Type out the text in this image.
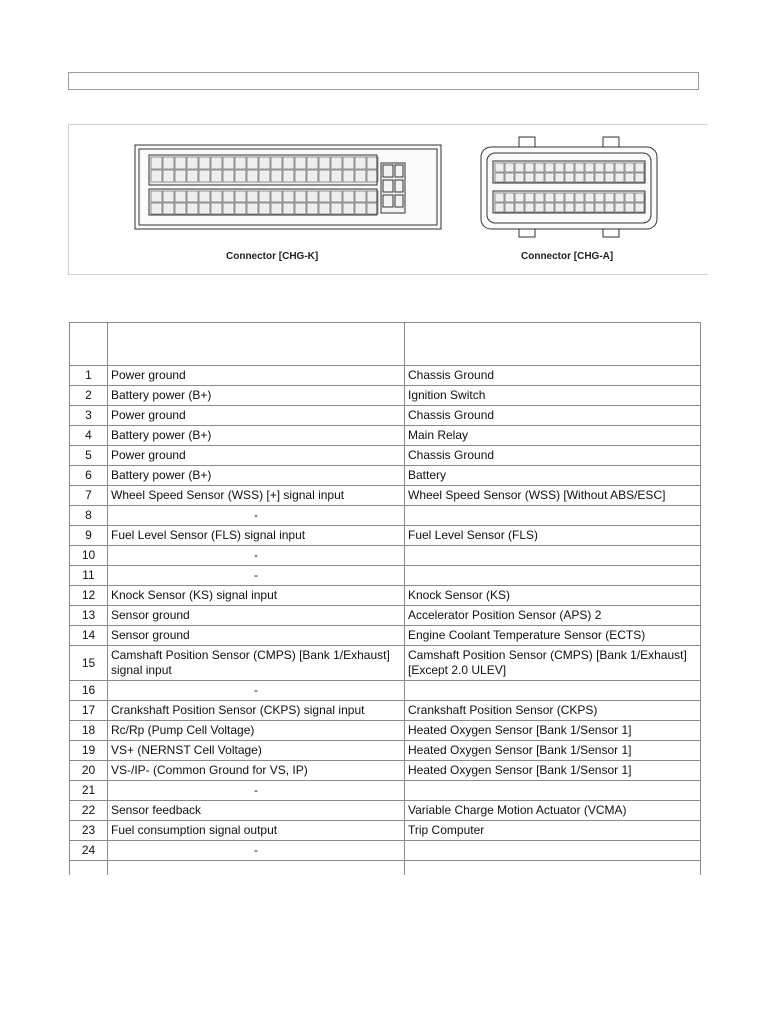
Connector [CHG-K]	Connector [CHG-A]

1	Power ground	Chassis Ground
2	Battery power (B+)	Ignition Switch
3	Power ground	Chassis Ground
4	Battery power (B+)	Main Relay
5	Power ground	Chassis Ground
6	Battery power (B+)	Battery
7	Wheel Speed Sensor (WSS) [+] signal input	Wheel Speed Sensor (WSS) [Without ABS/ESC]
8	-	
9	Fuel Level Sensor (FLS) signal input	Fuel Level Sensor (FLS)
10	-	
11	-	
12	Knock Sensor (KS) signal input	Knock Sensor (KS)
13	Sensor ground	Accelerator Position Sensor (APS) 2
14	Sensor ground	Engine Coolant Temperature Sensor (ECTS)
15	Camshaft Position Sensor (CMPS) [Bank 1/Exhaust] signal input	Camshaft Position Sensor (CMPS) [Bank 1/Exhaust] [Except 2.0 ULEV]
16	-	
17	Crankshaft Position Sensor (CKPS) signal input	Crankshaft Position Sensor (CKPS)
18	Rc/Rp (Pump Cell Voltage)	Heated Oxygen Sensor [Bank 1/Sensor 1]
19	VS+ (NERNST Cell Voltage)	Heated Oxygen Sensor [Bank 1/Sensor 1]
20	VS-/IP- (Common Ground for VS, IP)	Heated Oxygen Sensor [Bank 1/Sensor 1]
21	-	
22	Sensor feedback	Variable Charge Motion Actuator (VCMA)
23	Fuel consumption signal output	Trip Computer
24	-	
